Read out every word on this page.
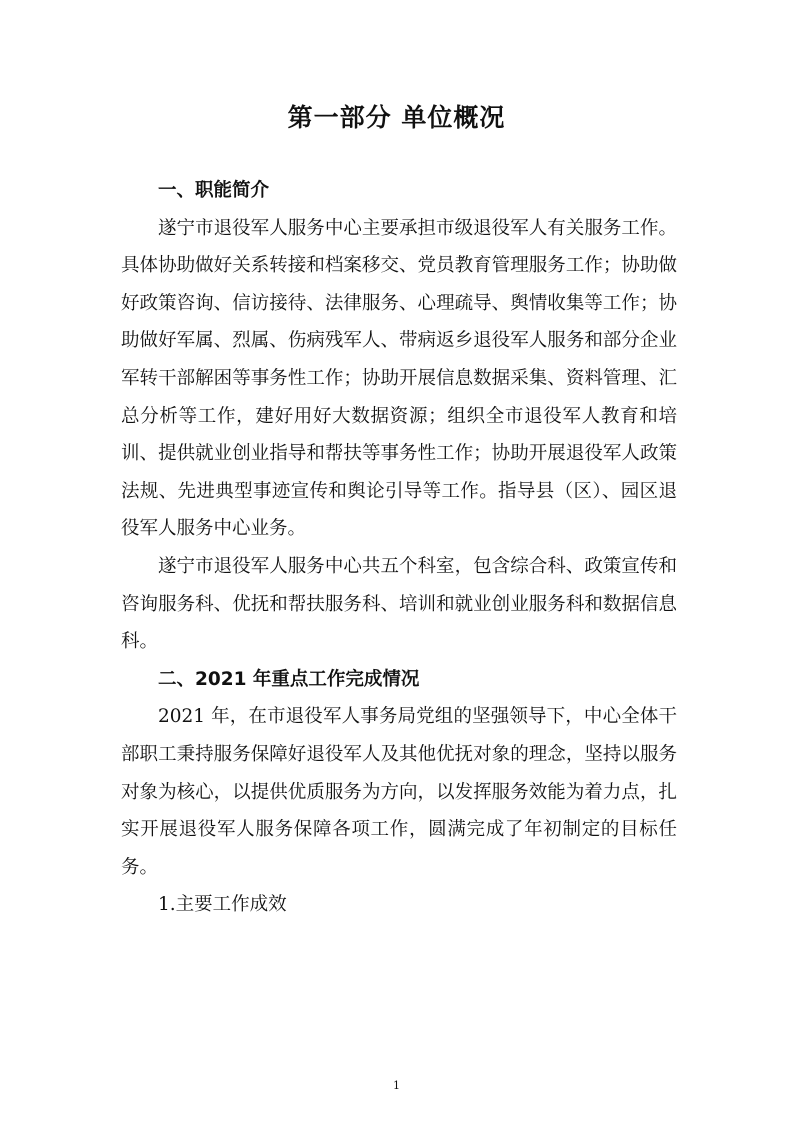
第一部分 单位概况

一、职能简介

遂宁市退役军人服务中心主要承担市级退役军人有关服务工作。具体协助做好关系转接和档案移交、党员教育管理服务工作；协助做好政策咨询、信访接待、法律服务、心理疏导、舆情收集等工作；协助做好军属、烈属、伤病残军人、带病返乡退役军人服务和部分企业军转干部解困等事务性工作；协助开展信息数据采集、资料管理、汇总分析等工作，建好用好大数据资源；组织全市退役军人教育和培训、提供就业创业指导和帮扶等事务性工作；协助开展退役军人政策法规、先进典型事迹宣传和舆论引导等工作。指导县（区）、园区退役军人服务中心业务。

遂宁市退役军人服务中心共五个科室，包含综合科、政策宣传和咨询服务科、优抚和帮扶服务科、培训和就业创业服务科和数据信息科。

二、2021 年重点工作完成情况

2021 年，在市退役军人事务局党组的坚强领导下，中心全体干部职工秉持服务保障好退役军人及其他优抚对象的理念，坚持以服务对象为核心，以提供优质服务为方向，以发挥服务效能为着力点，扎实开展退役军人服务保障各项工作，圆满完成了年初制定的目标任务。

1.主要工作成效

1
